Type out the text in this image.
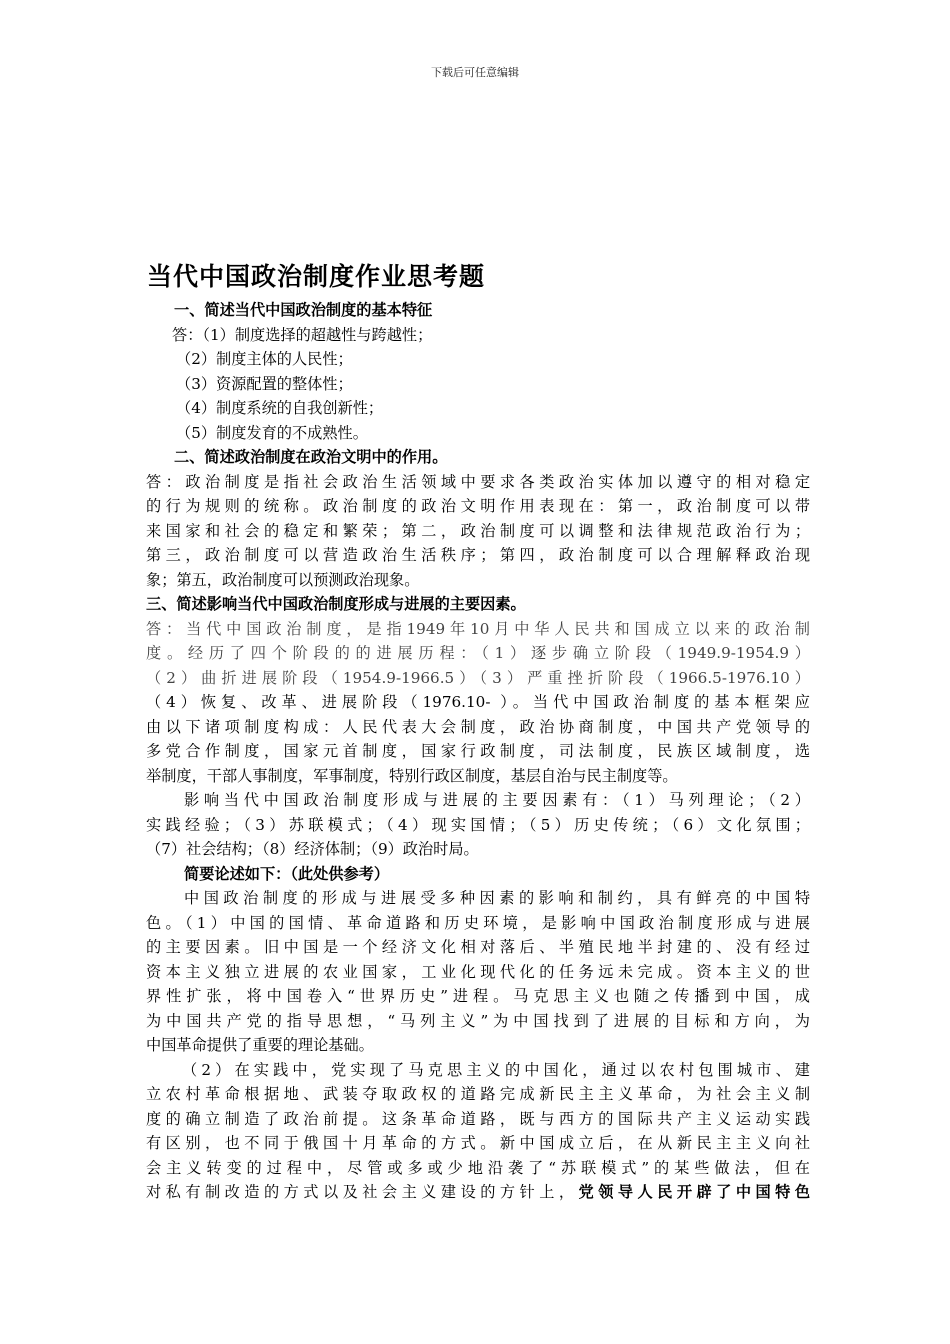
下载后可任意编辑
当代中国政治制度作业思考题

一、简述当代中国政治制度的基本特征

答：（1）制度选择的超越性与跨越性；

（2）制度主体的人民性；

（3）资源配置的整体性；

（4）制度系统的自我创新性；

（5）制度发育的不成熟性。

二、简述政治制度在政治文明中的作用。

答：政治制度是指社会政治生活领域中要求各类政治实体加以遵守的相对稳定

的行为规则的统称。政治制度的政治文明作用表现在：第一，政治制度可以带

来国家和社会的稳定和繁荣；第二，政治制度可以调整和法律规范政治行为；

第三，政治制度可以营造政治生活秩序；第四，政治制度可以合理解释政治现

象；第五，政治制度可以预测政治现象。

三、简述影响当代中国政治制度形成与进展的主要因素。

答：当代中国政治制度，是指1949年10月中华人民共和国成立以来的政治制

度。经历了四个阶段的的进展历程：（1）逐步确立阶段（1949.9-1954.9）

（2）曲折进展阶段（1954.9-1966.5）（3）严重挫折阶段（1966.5-1976.10）

（4）恢复、改革、进展阶段（1976.10- ）。当代中国政治制度的基本框架应

由以下诸项制度构成：人民代表大会制度，政治协商制度，中国共产党领导的

多党合作制度，国家元首制度，国家行政制度，司法制度，民族区域制度，选

举制度，干部人事制度，军事制度，特别行政区制度，基层自治与民主制度等。

影响当代中国政治制度形成与进展的主要因素有：（1）马列理论；（2）

实践经验；（3）苏联模式；（4）现实国情；（5）历史传统；（6）文化氛围；

（7）社会结构；（8）经济体制；（9）政治时局。

简要论述如下：（此处供参考）

中国政治制度的形成与进展受多种因素的影响和制约，具有鲜亮的中国特

色。（1）中国的国情、革命道路和历史环境，是影响中国政治制度形成与进展

的主要因素。旧中国是一个经济文化相对落后、半殖民地半封建的、没有经过

资本主义独立进展的农业国家，工业化现代化的任务远未完成。资本主义的世

界性扩张，将中国卷入“世界历史”进程。马克思主义也随之传播到中国，成

为中国共产党的指导思想，“马列主义”为中国找到了进展的目标和方向，为

中国革命提供了重要的理论基础。

（2）在实践中，党实现了马克思主义的中国化，通过以农村包围城市、建

立农村革命根据地、武装夺取政权的道路完成新民主主义革命，为社会主义制

度的确立制造了政治前提。这条革命道路，既与西方的国际共产主义运动实践

有区别，也不同于俄国十月革命的方式。新中国成立后，在从新民主主义向社

会主义转变的过程中，尽管或多或少地沿袭了“苏联模式”的某些做法，但在

对私有制改造的方式以及社会主义建设的方针上，党领导人民开辟了中国特色
